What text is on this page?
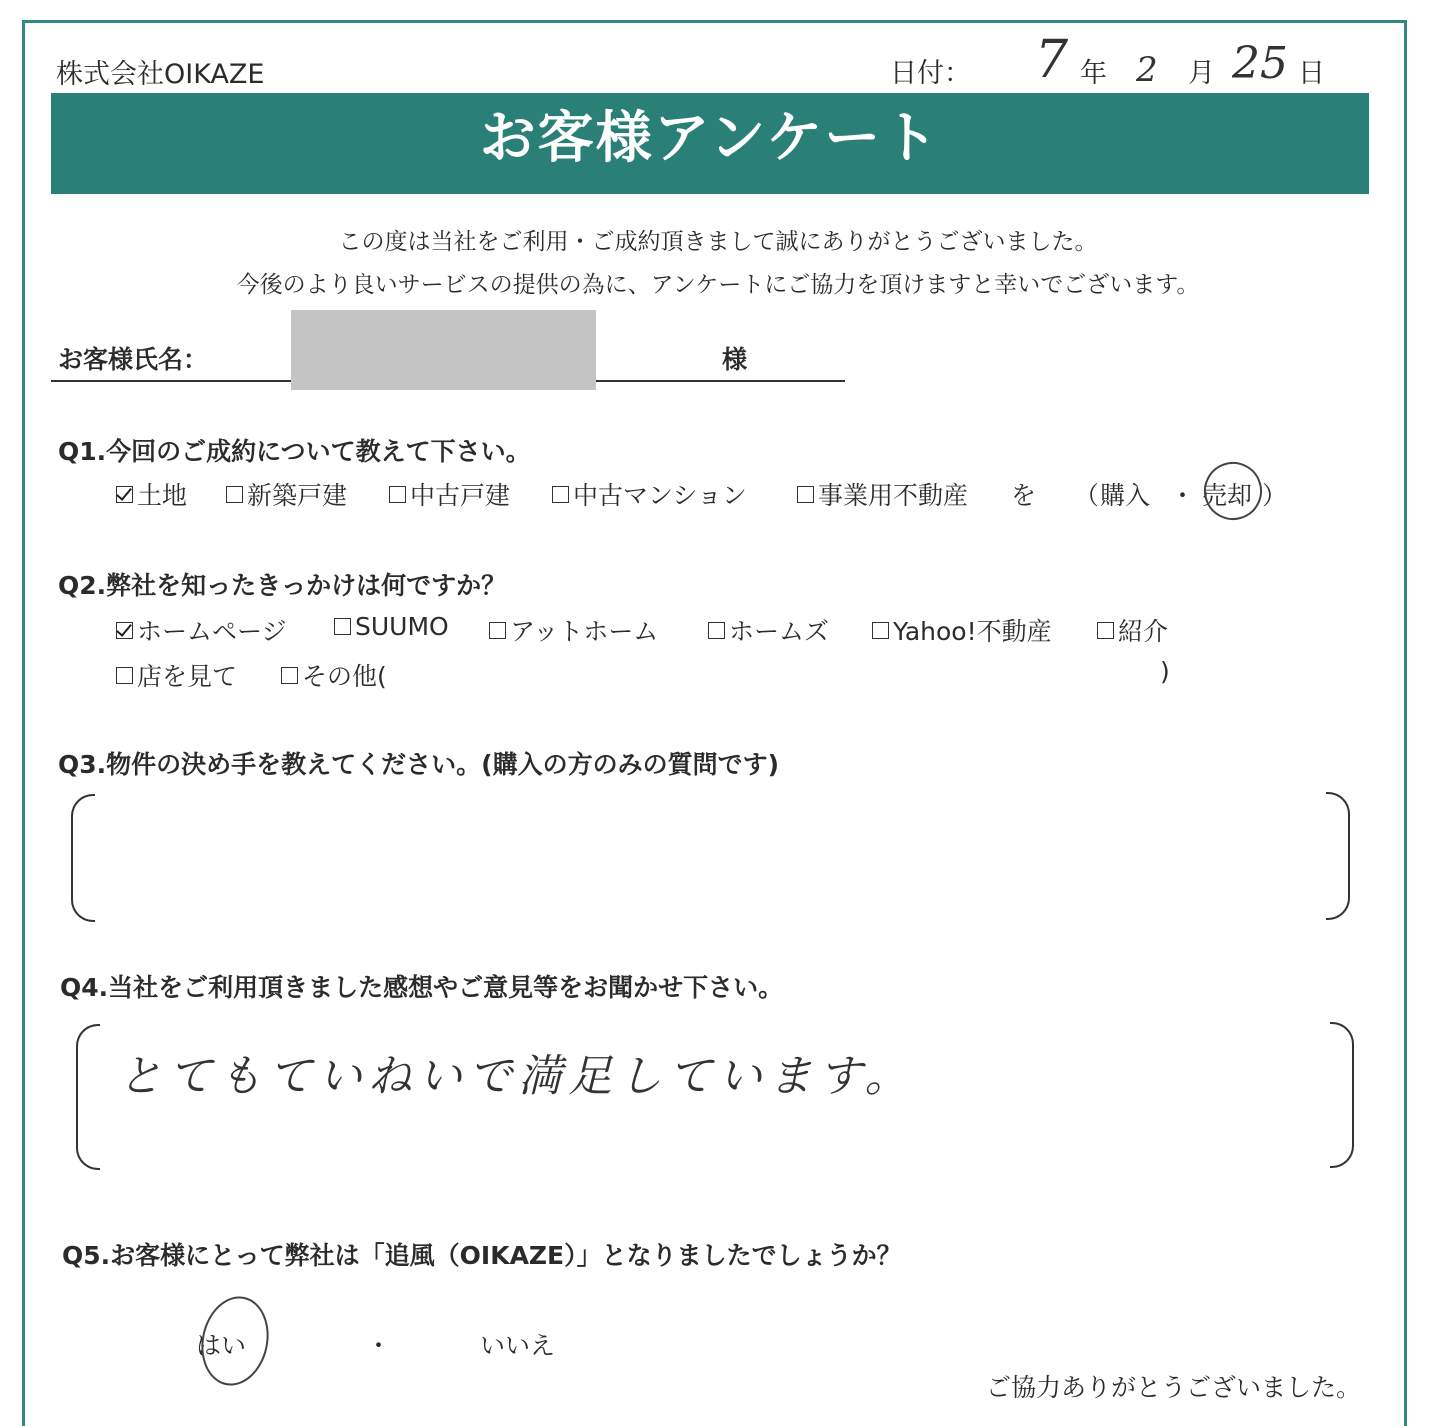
株式会社OIKAZE	日付： 7 年 2 月 25 日
お客様アンケート
この度は当社をご利用・ご成約頂きまして誠にありがとうございました。
今後のより良いサービスの提供の為に、アンケートにご協力を頂けますと幸いでございます。
お客様氏名：	様
Q1.今回のご成約について教えて下さい。
土地 新築戸建	中古戸建	中古マンション	事業用不動産 を （ 購入 ・ 売却 ）
Q2.弊社を知ったきっかけは何ですか？
ホームページ	SUUMO アットホーム	ホームズ	Yahoo!不動産	紹介
店を見て	その他(	)
Q3.物件の決め手を教えてください。(購入の方のみの質問です)
Q4.当社をご利用頂きました感想やご意見等をお聞かせ下さい。
とてもていねいで満足しています。
Q5.お客様にとって弊社は「追風（OIKAZE）」となりましたでしょうか？
はい	・	いいえ
ご協力ありがとうございました。
